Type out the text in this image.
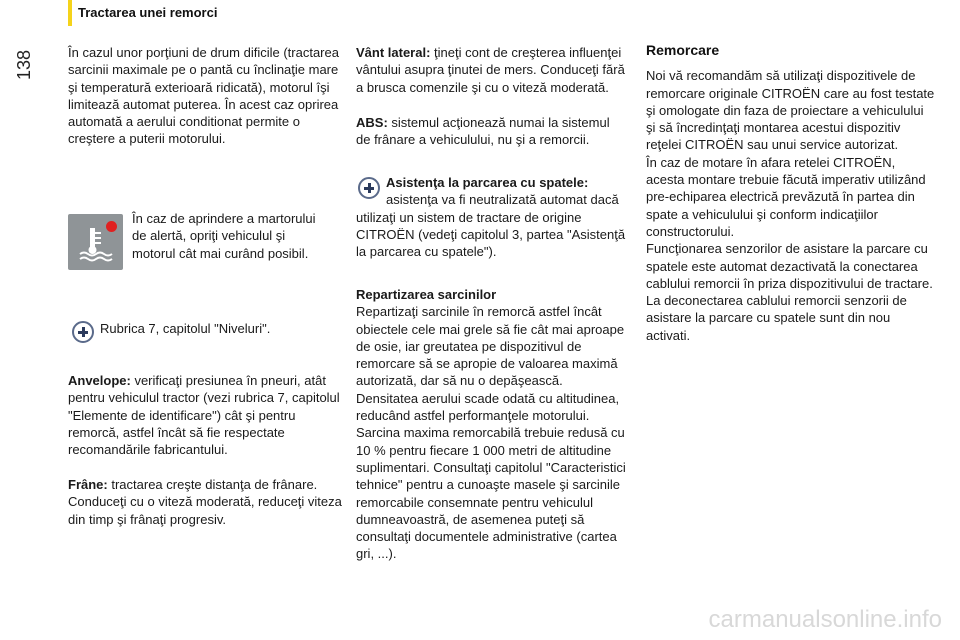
138
Tractarea unei remorci

În cazul unor porţiuni de drum dificile (tractarea sarcinii maximale pe o pantă cu înclinaţie mare şi temperatură exterioară ridicată), motorul îşi limitează automat puterea. În acest caz oprirea automată a aerului conditionat permite o creştere a puterii motorului.

În caz de aprindere a martorului de alertă, opriţi vehiculul şi motorul cât mai curând posibil.

Rubrica 7, capitolul "Niveluri".

Anvelope: verificaţi presiunea în pneuri, atât pentru vehiculul tractor (vezi rubrica 7, capitolul "Elemente de identificare") cât şi pentru remorcă, astfel încât să fie respectate recomandările fabricantului.

Frâne: tractarea creşte distanţa de frânare. Conduceţi cu o viteză moderată, reduceţi viteza din timp şi frânaţi progresiv.

Vânt lateral: ţineţi cont de creşterea influenţei vântului asupra ţinutei de mers. Conduceţi fără a brusca comenzile şi cu o viteză moderată.

ABS: sistemul acţionează numai la sistemul de frânare a vehiculului, nu şi a remorcii.

Asistenţa la parcarea cu spatele:

asistenţa va fi neutralizată automat dacă utilizaţi un sistem de tractare de origine CITROËN (vedeţi capitolul 3, partea "Asistenţă la parcarea cu spatele").

Repartizarea sarcinilor

Repartizaţi sarcinile în remorcă astfel încât obiectele cele mai grele să fie cât mai aproape de osie, iar greutatea pe dispozitivul de remorcare să se apropie de valoarea maximă autorizată, dar să nu o depăşească. Densitatea aerului scade odată cu altitudinea, reducând astfel performanţele motorului. Sarcina maxima remorcabilă trebuie redusă cu 10 % pentru fiecare 1 000 metri de altitudine suplimentari. Consultaţi capitolul "Caracteristici tehnice" pentru a cunoaşte masele şi sarcinile remorcabile consemnate pentru vehiculul dumneavoastră, de asemenea puteţi să consultaţi documentele administrative (cartea gri, ...).

Remorcare

Noi vă recomandăm să utilizaţi dispozitivele de remorcare originale CITROËN care au fost testate şi omologate din faza de proiectare a vehiculului şi să încredinţaţi montarea acestui dispozitiv reţelei CITROËN sau unui service autorizat.

În caz de motare în afara retelei CITROËN, acesta montare trebuie făcută imperativ utilizând pre-echiparea electrică prevăzută în partea din spate a vehiculului şi conform indicaţiilor constructorului.

Funcţionarea senzorilor de asistare la parcare cu spatele este automat dezactivată la conectarea cablului remorcii în priza dispozitivului de tractare.

La deconectarea cablului remorcii senzorii de asistare la parcare cu spatele sunt din nou activati.

carmanualsonline.info
